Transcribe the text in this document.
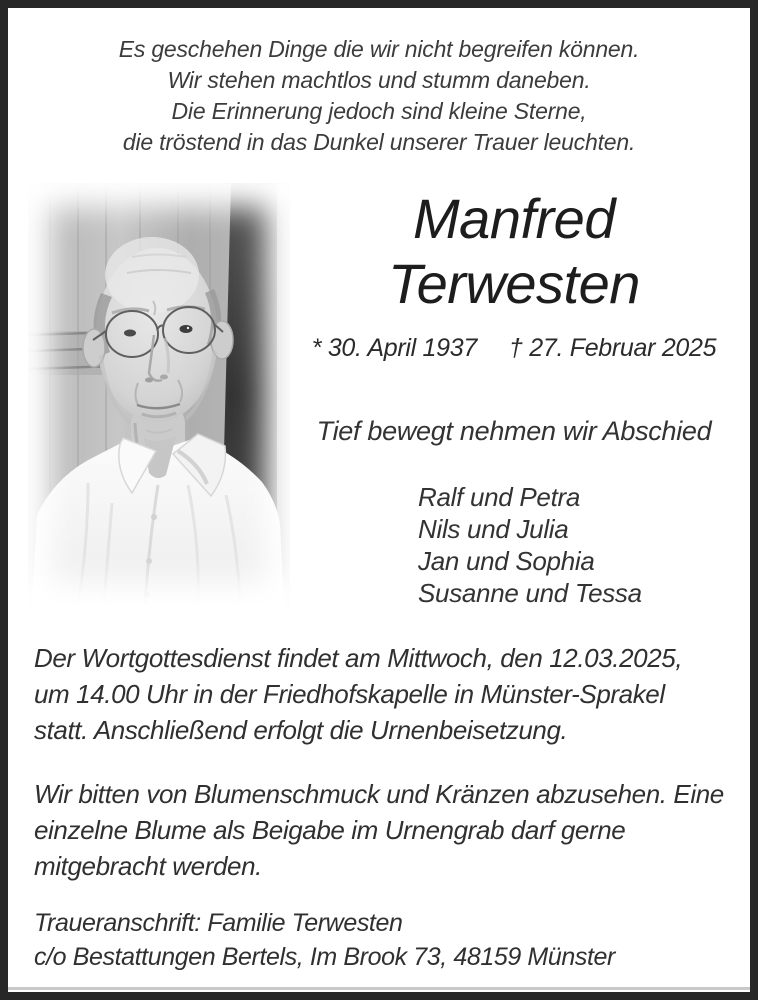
Es geschehen Dinge die wir nicht begreifen können.
Wir stehen machtlos und stumm daneben.
Die Erinnerung jedoch sind kleine Sterne,
die tröstend in das Dunkel unserer Trauer leuchten.
Manfred
Terwesten
* 30. April 1937 † 27. Februar 2025
Tief bewegt nehmen wir Abschied
Ralf und Petra
Nils und Julia
Jan und Sophia
Susanne und Tessa
Der Wortgottesdienst findet am Mittwoch, den 12.03.2025,
um 14.00 Uhr in der Friedhofskapelle in Münster-Sprakel
statt. Anschließend erfolgt die Urnenbeisetzung.
Wir bitten von Blumenschmuck und Kränzen abzusehen. Eine
einzelne Blume als Beigabe im Urnengrab darf gerne
mitgebracht werden.
Traueranschrift: Familie Terwesten
c/o Bestattungen Bertels, Im Brook 73, 48159 Münster
